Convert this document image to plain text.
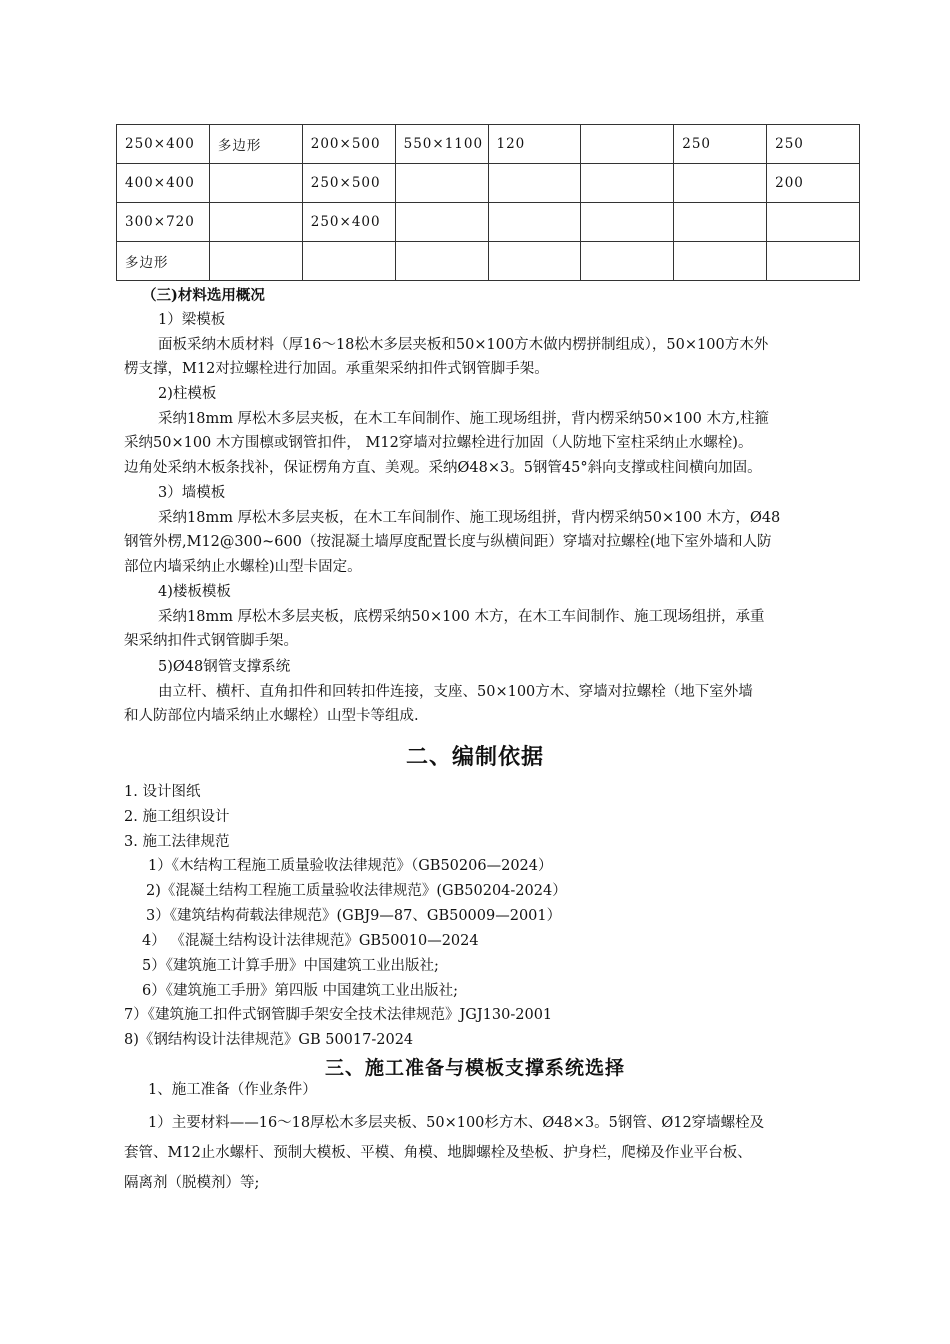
250×400	多边形	200×500	550×1100	120		250	250
400×400		250×500					200
300×720		250×400					
多边形							
（三)材料选用概况
1）梁模板
面板采纳木质材料（厚16～18松木多层夹板和50×100方木做内楞拼制组成），50×100方木外
楞支撑，M12对拉螺栓进行加固。承重架采纳扣件式钢管脚手架。
2)柱模板
采纳18mm 厚松木多层夹板，在木工车间制作、施工现场组拼，背内楞采纳50×100 木方,柱箍
采纳50×100 木方围檩或钢管扣件， M12穿墙对拉螺栓进行加固（人防地下室柱采纳止水螺栓)。
边角处采纳木板条找补，保证楞角方直、美观。采纳Ø48×3。5钢管45°斜向支撑或柱间横向加固。
3）墙模板
采纳18mm 厚松木多层夹板，在木工车间制作、施工现场组拼，背内楞采纳50×100 木方，Ø48
钢管外楞,M12@300~600（按混凝土墙厚度配置长度与纵横间距）穿墙对拉螺栓(地下室外墙和人防
部位内墙采纳止水螺栓)山型卡固定。
4)楼板模板
采纳18mm 厚松木多层夹板，底楞采纳50×100 木方，在木工车间制作、施工现场组拼，承重
架采纳扣件式钢管脚手架。
5)Ø48钢管支撑系统
由立杆、横杆、直角扣件和回转扣件连接，支座、50×100方木、穿墙对拉螺栓（地下室外墙
和人防部位内墙采纳止水螺栓）山型卡等组成.
二、编制依据
1. 设计图纸
2. 施工组织设计
3. 施工法律规范
1）《木结构工程施工质量验收法律规范》（GB50206—2024）
2)《混凝土结构工程施工质量验收法律规范》(GB50204-2024）
3）《建筑结构荷载法律规范》(GBJ9—87、GB50009—2001）
4） 《混凝土结构设计法律规范》GB50010—2024
5）《建筑施工计算手册》中国建筑工业出版社;
6）《建筑施工手册》第四版 中国建筑工业出版社;
7）《建筑施工扣件式钢管脚手架安全技术法律规范》JGJ130-2001
8)《钢结构设计法律规范》GB 50017-2024
三、施工准备与模板支撑系统选择
1、施工准备（作业条件）
1）主要材料——16～18厚松木多层夹板、50×100杉方木、Ø48×3。5钢管、Ø12穿墙螺栓及
套管、M12止水螺杆、预制大模板、平模、角模、地脚螺栓及垫板、护身栏，爬梯及作业平台板、
隔离剂（脱模剂）等;
